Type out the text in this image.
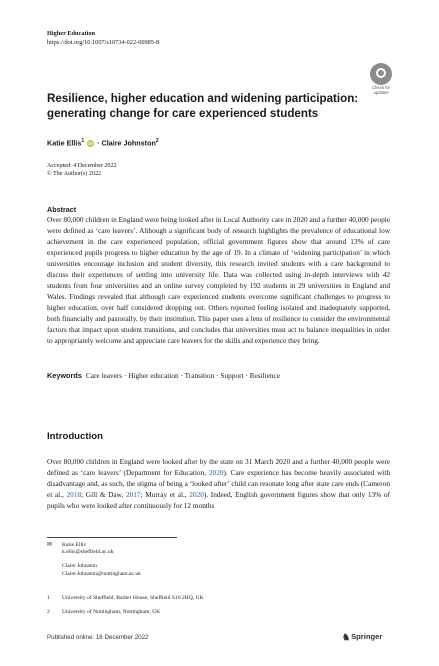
Higher Education
https://doi.org/10.1007/s10734-022-00985-8
Check for
updates
Resilience, higher education and widening participation: generating change for care experienced students
Katie Ellis$^1$ iD · Claire Johnston$^2$
Accepted: 4 December 2022
© The Author(s) 2022
Abstract

Over 80,000 children in England were being looked after in Local Authority care in 2020 and a further 40,000 people were defined as ‘care leavers’. Although a significant body of research highlights the prevalence of educational low achievement in the care experienced population, official government figures show that around 13% of care experienced pupils progress to higher education by the age of 19. In a climate of ‘widening participation’ in which universities encourage inclusion and student diversity, this research invited students with a care background to discuss their experiences of settling into university life. Data was collected using in-depth interviews with 42 students from four universities and an online survey completed by 192 students in 29 universities in England and Wales. Findings revealed that although care experienced students overcome significant challenges to progress to higher education, over half considered dropping out. Others reported feeling isolated and inadequately supported, both financially and pastorally, by their institution. This paper uses a lens of resilience to consider the environmental factors that impact upon student transitions, and concludes that universities must act to balance inequalities in order to appropriately welcome and appreciate care leavers for the skills and experience they bring.

Keywords Care leavers · Higher education · Transition · Support · Resilience
Introduction

Over 80,000 children in England were looked after by the state on 31 March 2020 and a further 40,000 people were defined as ‘care leavers’ (Department for Education, 2020). Care experience has become heavily associated with disadvantage and, as such, the stigma of being a ‘looked after’ child can resonate long after state care ends (Cameron et al., 2018; Gill & Daw, 2017; Murray et al., 2020). Indeed, English government figures show that only 13% of pupils who were looked after continuously for 12 months

✉ Katie Ellis
k.ellis@sheffield.ac.uk
Claire Johnston
Claire.Johnston@nottingham.ac.uk
1 University of Sheffield, Barber House, Sheffield S10 2HQ, UK
2 University of Nottingham, Nottingham, UK
Published online: 16 December 2022	♞Springer
